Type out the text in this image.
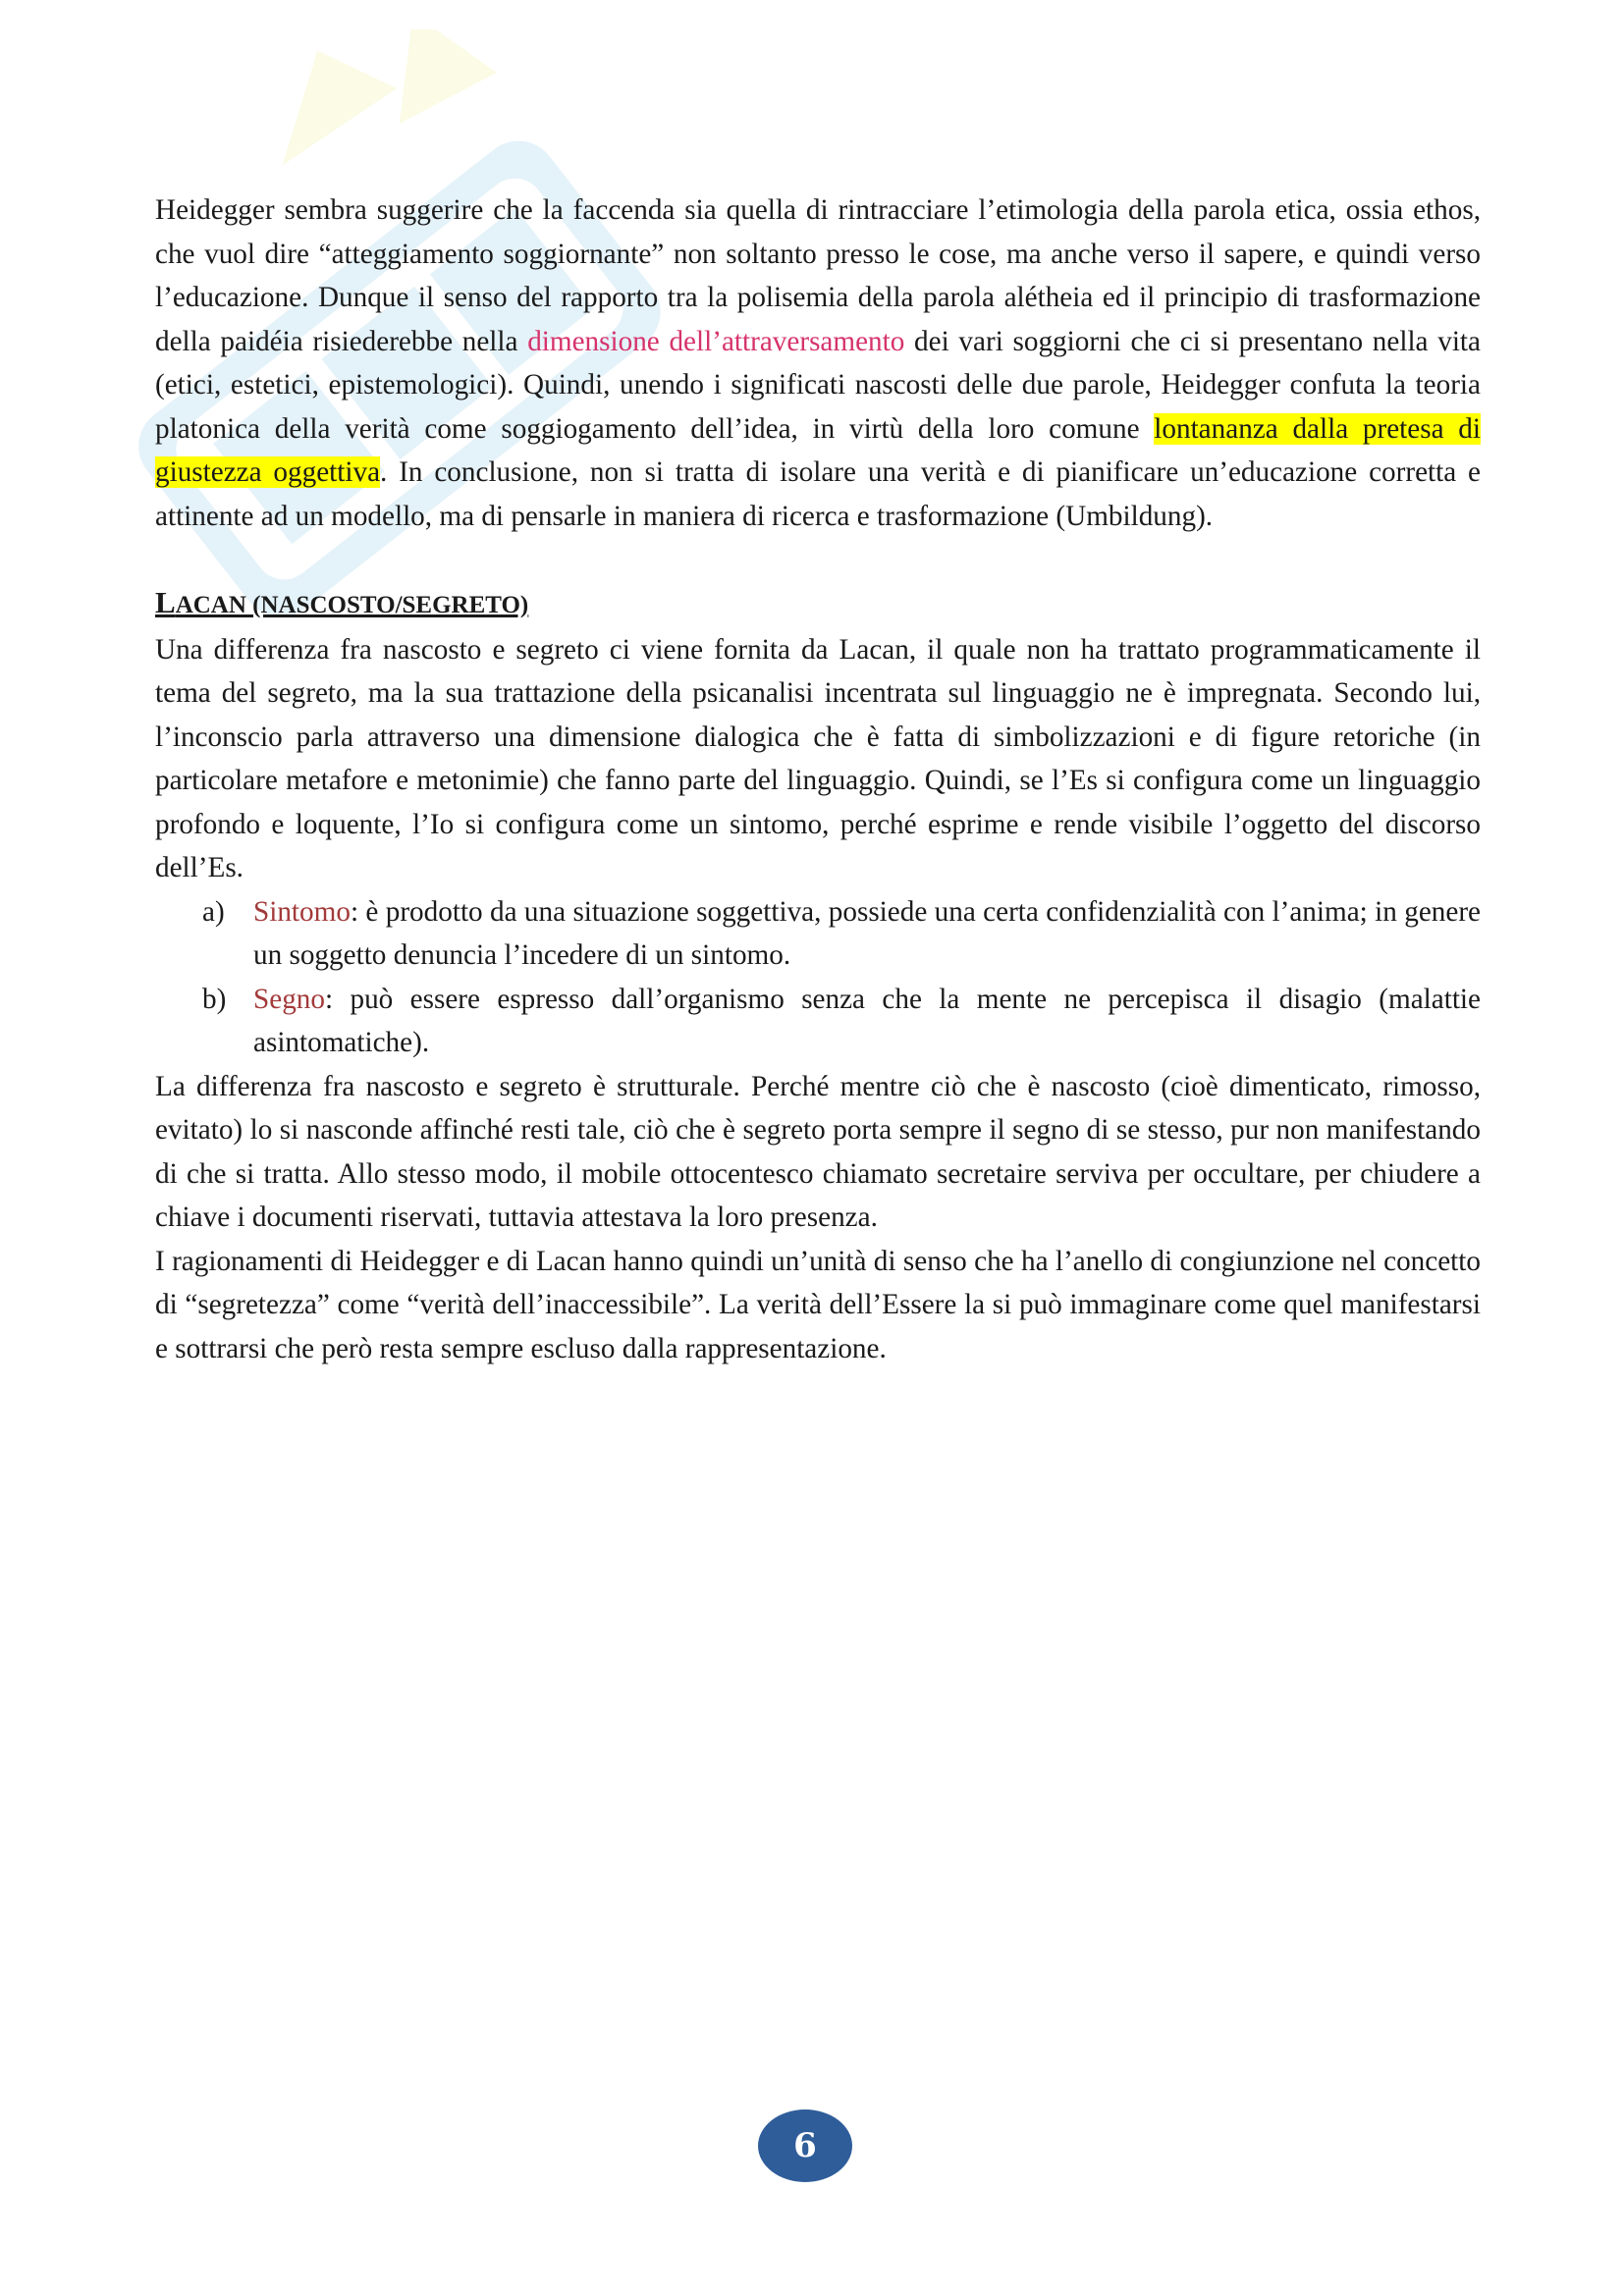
Heidegger sembra suggerire che la faccenda sia quella di rintracciare l’etimologia della parola etica, ossia ethos, che vuol dire “atteggiamento soggiornante” non soltanto presso le cose, ma anche verso il sapere, e quindi verso l’educazione. Dunque il senso del rapporto tra la polisemia della parola alétheia ed il principio di trasformazione della paidéia risiederebbe nella dimensione dell’attraversamento dei vari soggiorni che ci si presentano nella vita (etici, estetici, epistemologici). Quindi, unendo i significati nascosti delle due parole, Heidegger confuta la teoria platonica della verità come soggiogamento dell’idea, in virtù della loro comune lontananza dalla pretesa di giustezza oggettiva. In conclusione, non si tratta di isolare una verità e di pianificare un’educazione corretta e attinente ad un modello, ma di pensarle in maniera di ricerca e trasformazione (Umbildung).

LACAN (NASCOSTO/SEGRETO)

Una differenza fra nascosto e segreto ci viene fornita da Lacan, il quale non ha trattato programmaticamente il tema del segreto, ma la sua trattazione della psicanalisi incentrata sul linguaggio ne è impregnata. Secondo lui, l’inconscio parla attraverso una dimensione dialogica che è fatta di simbolizzazioni e di figure retoriche (in particolare metafore e metonimie) che fanno parte del linguaggio. Quindi, se l’Es si configura come un linguaggio profondo e loquente, l’Io si configura come un sintomo, perché esprime e rende visibile l’oggetto del discorso dell’Es.

a) Sintomo: è prodotto da una situazione soggettiva, possiede una certa confidenzialità con l’anima; in genere un soggetto denuncia l’incedere di un sintomo.
b) Segno: può essere espresso dall’organismo senza che la mente ne percepisca il disagio (malattie asintomatiche).

La differenza fra nascosto e segreto è strutturale. Perché mentre ciò che è nascosto (cioè dimenticato, rimosso, evitato) lo si nasconde affinché resti tale, ciò che è segreto porta sempre il segno di se stesso, pur non manifestando di che si tratta. Allo stesso modo, il mobile ottocentesco chiamato secretaire serviva per occultare, per chiudere a chiave i documenti riservati, tuttavia attestava la loro presenza.

I ragionamenti di Heidegger e di Lacan hanno quindi un’unità di senso che ha l’anello di congiunzione nel concetto di “segretezza” come “verità dell’inaccessibile”. La verità dell’Essere la si può immaginare come quel manifestarsi e sottrarsi che però resta sempre escluso dalla rappresentazione.

6
